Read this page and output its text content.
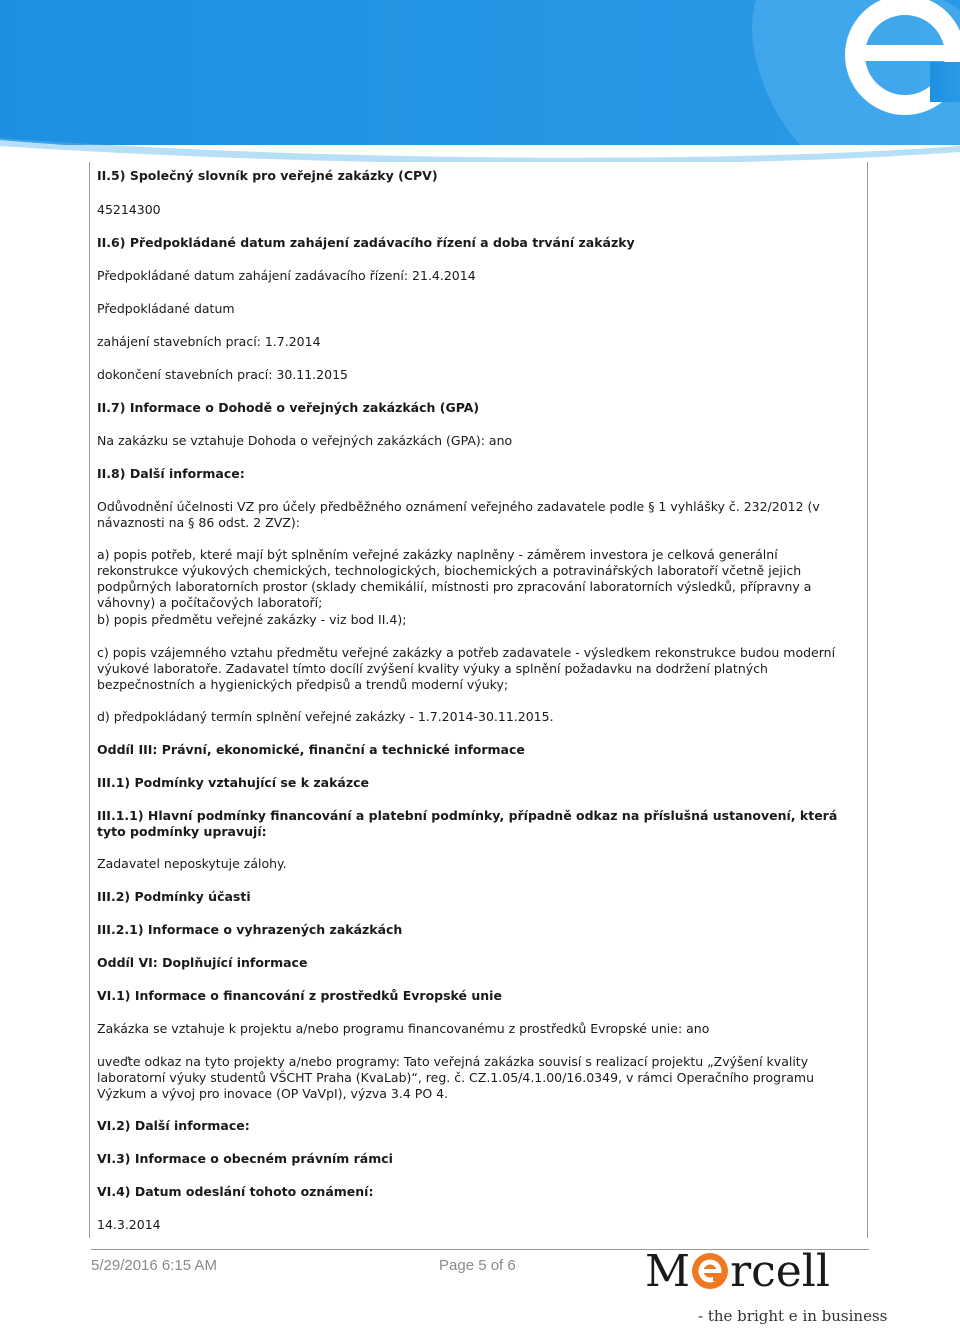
II.5) Společný slovník pro veřejné zakázky (CPV)

45214300

II.6) Předpokládané datum zahájení zadávacího řízení a doba trvání zakázky

Předpokládané datum zahájení zadávacího řízení: 21.4.2014

Předpokládané datum

zahájení stavebních prací: 1.7.2014

dokončení stavebních prací: 30.11.2015

II.7) Informace o Dohodě o veřejných zakázkách (GPA)

Na zakázku se vztahuje Dohoda o veřejných zakázkách (GPA): ano

II.8) Další informace:

Odůvodnění účelnosti VZ pro účely předběžného oznámení veřejného zadavatele podle § 1 vyhlášky č. 232/2012 (v návaznosti na § 86 odst. 2 ZVZ):

a) popis potřeb, které mají být splněním veřejné zakázky naplněny - záměrem investora je celková generální rekonstrukce výukových chemických, technologických, biochemických a potravinářských laboratoří včetně jejich podpůrných laboratorních prostor (sklady chemikálií, místnosti pro zpracování laboratorních výsledků, přípravny a váhovny) a počítačových laboratoří;

b) popis předmětu veřejné zakázky - viz bod II.4);

c) popis vzájemného vztahu předmětu veřejné zakázky a potřeb zadavatele - výsledkem rekonstrukce budou moderní výukové laboratoře. Zadavatel tímto docílí zvýšení kvality výuky a splnění požadavku na dodržení platných bezpečnostních a hygienických předpisů a trendů moderní výuky;

d) předpokládaný termín splnění veřejné zakázky - 1.7.2014-30.11.2015.

Oddíl III: Právní, ekonomické, finanční a technické informace

III.1) Podmínky vztahující se k zakázce

III.1.1) Hlavní podmínky financování a platební podmínky, případně odkaz na příslušná ustanovení, která tyto podmínky upravují:

Zadavatel neposkytuje zálohy.

III.2) Podmínky účasti

III.2.1) Informace o vyhrazených zakázkách

Oddíl VI: Doplňující informace

VI.1) Informace o financování z prostředků Evropské unie

Zakázka se vztahuje k projektu a/nebo programu financovanému z prostředků Evropské unie: ano

uveďte odkaz na tyto projekty a/nebo programy: Tato veřejná zakázka souvisí s realizací projektu „Zvýšení kvality laboratorní výuky studentů VŠCHT Praha (KvaLab)“, reg. č. CZ.1.05/4.1.00/16.0349, v rámci Operačního programu Výzkum a vývoj pro inovace (OP VaVpI), výzva 3.4 PO 4.

VI.2) Další informace:

VI.3) Informace o obecném právním rámci

VI.4) Datum odeslání tohoto oznámení:

14.3.2014

5/29/2016 6:15 AM	Page 5 of 6	M rcell
- the bright e in business
